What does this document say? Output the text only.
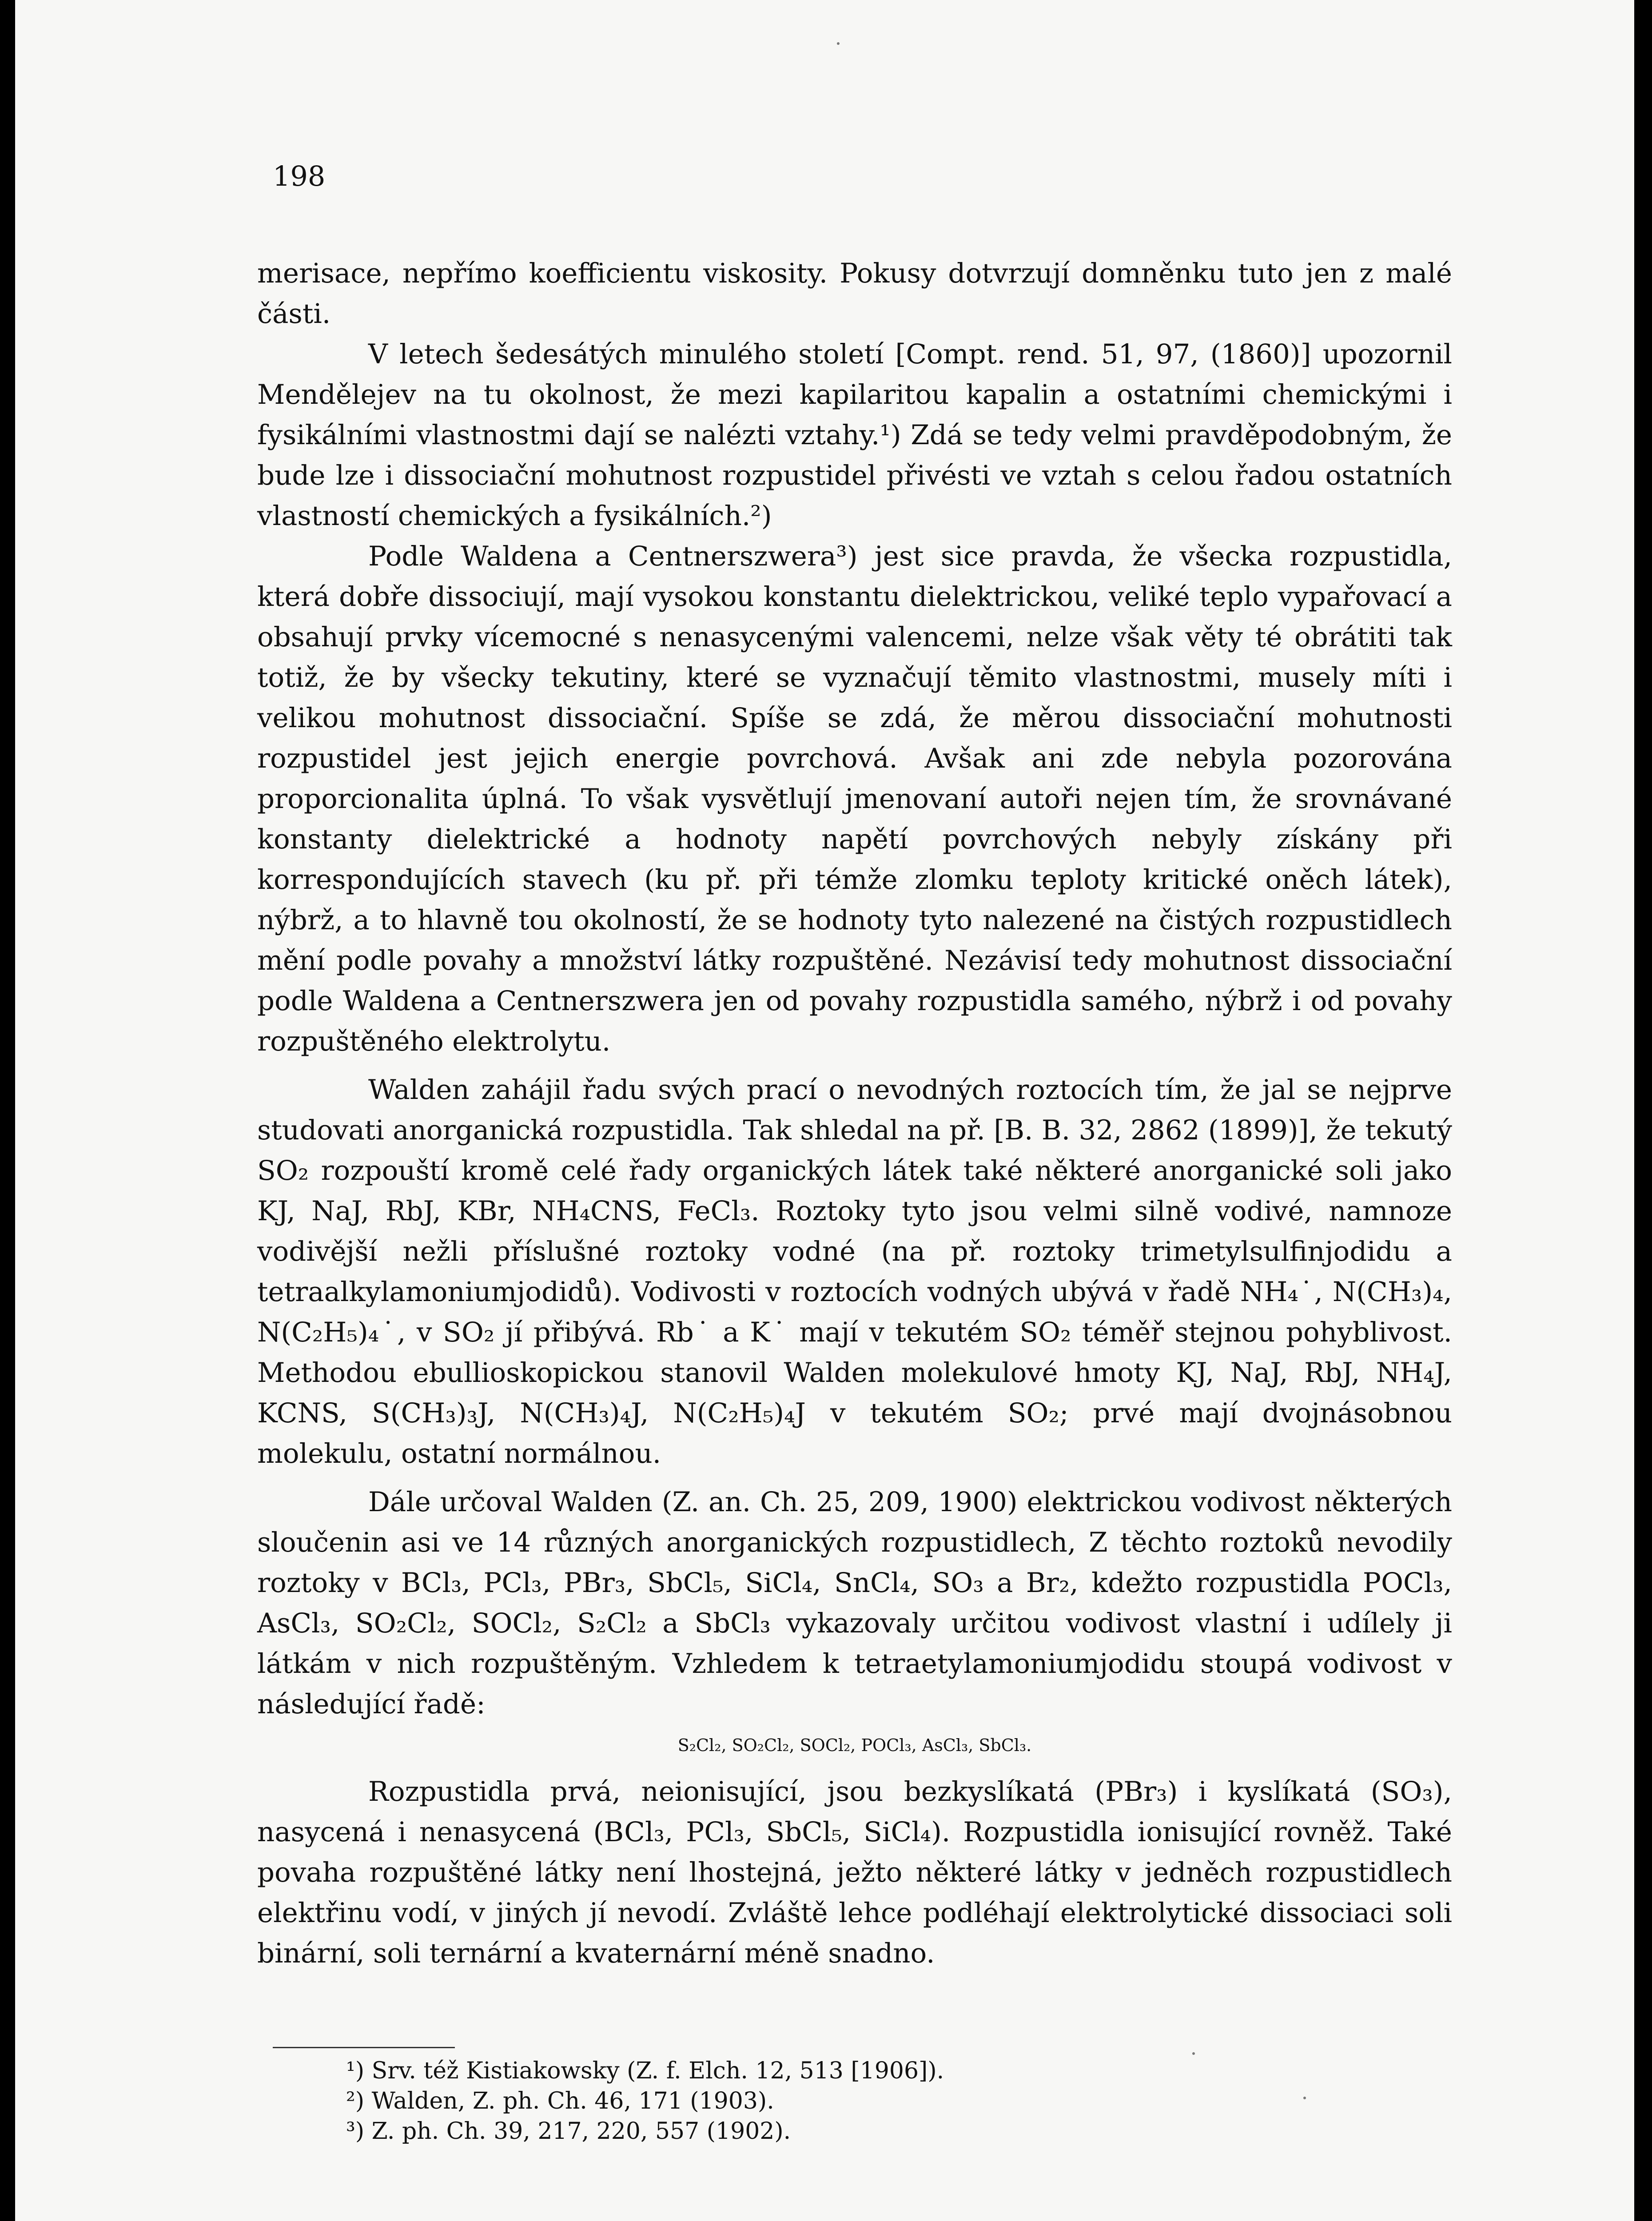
198

merisace, nepřímo koefficientu viskosity. Pokusy dotvrzují domněnku tuto jen z malé části.

V letech šedesátých minulého století [Compt. rend. 51, 97, (1860)] upozornil Mendělejev na tu okolnost, že mezi kapilaritou kapalin a ostatními chemickými i fysikálními vlastnostmi dají se nalézti vztahy.¹) Zdá se tedy velmi pravděpodobným, že bude lze i dissociační mohutnost rozpustidel přivésti ve vztah s celou řadou ostatních vlastností chemických a fysikálních.²)

Podle Waldena a Centnerszwera³) jest sice pravda, že všecka rozpustidla, která dobře dissociují, mají vysokou konstantu dielektrickou, veliké teplo vypařovací a obsahují prvky vícemocné s nenasycenými valencemi, nelze však věty té obrátiti tak totiž, že by všecky tekutiny, které se vyznačují těmito vlastnostmi, musely míti i velikou mohutnost dissociační. Spíše se zdá, že měrou dissociační mohutnosti rozpustidel jest jejich energie povrchová. Avšak ani zde nebyla pozorována proporcionalita úplná. To však vysvětlují jmenovaní autoři nejen tím, že srovnávané konstanty dielektrické a hodnoty napětí povrchových nebyly získány při korrespondujících stavech (ku př. při témže zlomku teploty kritické oněch látek), nýbrž, a to hlavně tou okolností, že se hodnoty tyto nalezené na čistých rozpustidlech mění podle povahy a množství látky rozpuštěné. Nezávisí tedy mohutnost dissociační podle Waldena a Centnerszwera jen od povahy rozpustidla samého, nýbrž i od povahy rozpuštěného elektrolytu.

Walden zahájil řadu svých prací o nevodných roztocích tím, že jal se nejprve studovati anorganická rozpustidla. Tak shledal na př. [B. B. 32, 2862 (1899)], že tekutý SO₂ rozpouští kromě celé řady organických látek také některé anorganické soli jako KJ, NaJ, RbJ, KBr, NH₄CNS, FeCl₃. Roztoky tyto jsou velmi silně vodivé, namnoze vodivější nežli příslušné roztoky vodné (na př. roztoky trimetylsulfinjodidu a tetraalkylamoniumjodidů). Vodivosti v roztocích vodných ubývá v řadě NH₄˙, N(CH₃)₄, N(C₂H₅)₄˙, v SO₂ jí přibývá. Rb˙ a K˙ mají v tekutém SO₂ téměř stejnou pohyblivost. Methodou ebullioskopickou stanovil Walden molekulové hmoty KJ, NaJ, RbJ, NH₄J, KCNS, S(CH₃)₃J, N(CH₃)₄J, N(C₂H₅)₄J v tekutém SO₂; prvé mají dvojnásobnou molekulu, ostatní normálnou.

Dále určoval Walden (Z. an. Ch. 25, 209, 1900) elektrickou vodivost některých sloučenin asi ve 14 různých anorganických rozpustidlech, Z těchto roztoků nevodily roztoky v BCl₃, PCl₃, PBr₃, SbCl₅, SiCl₄, SnCl₄, SO₃ a Br₂, kdežto rozpustidla POCl₃, AsCl₃, SO₂Cl₂, SOCl₂, S₂Cl₂ a SbCl₃ vykazovaly určitou vodivost vlastní i udílely ji látkám v nich rozpuštěným. Vzhledem k tetraetylamoniumjodidu stoupá vodivost v následující řadě:

S₂Cl₂, SO₂Cl₂, SOCl₂, POCl₃, AsCl₃, SbCl₃.

Rozpustidla prvá, neionisující, jsou bezkyslíkatá (PBr₃) i kyslíkatá (SO₃), nasycená i nenasycená (BCl₃, PCl₃, SbCl₅, SiCl₄). Rozpustidla ionisující rovněž. Také povaha rozpuštěné látky není lhostejná, ježto některé látky v jedněch rozpustidlech elektřinu vodí, v jiných jí nevodí. Zvláště lehce podléhají elektrolytické dissociaci soli binární, soli ternární a kvaternární méně snadno.

¹) Srv. též Kistiakowsky (Z. f. Elch. 12, 513 [1906]).
²) Walden, Z. ph. Ch. 46, 171 (1903).
³) Z. ph. Ch. 39, 217, 220, 557 (1902).
